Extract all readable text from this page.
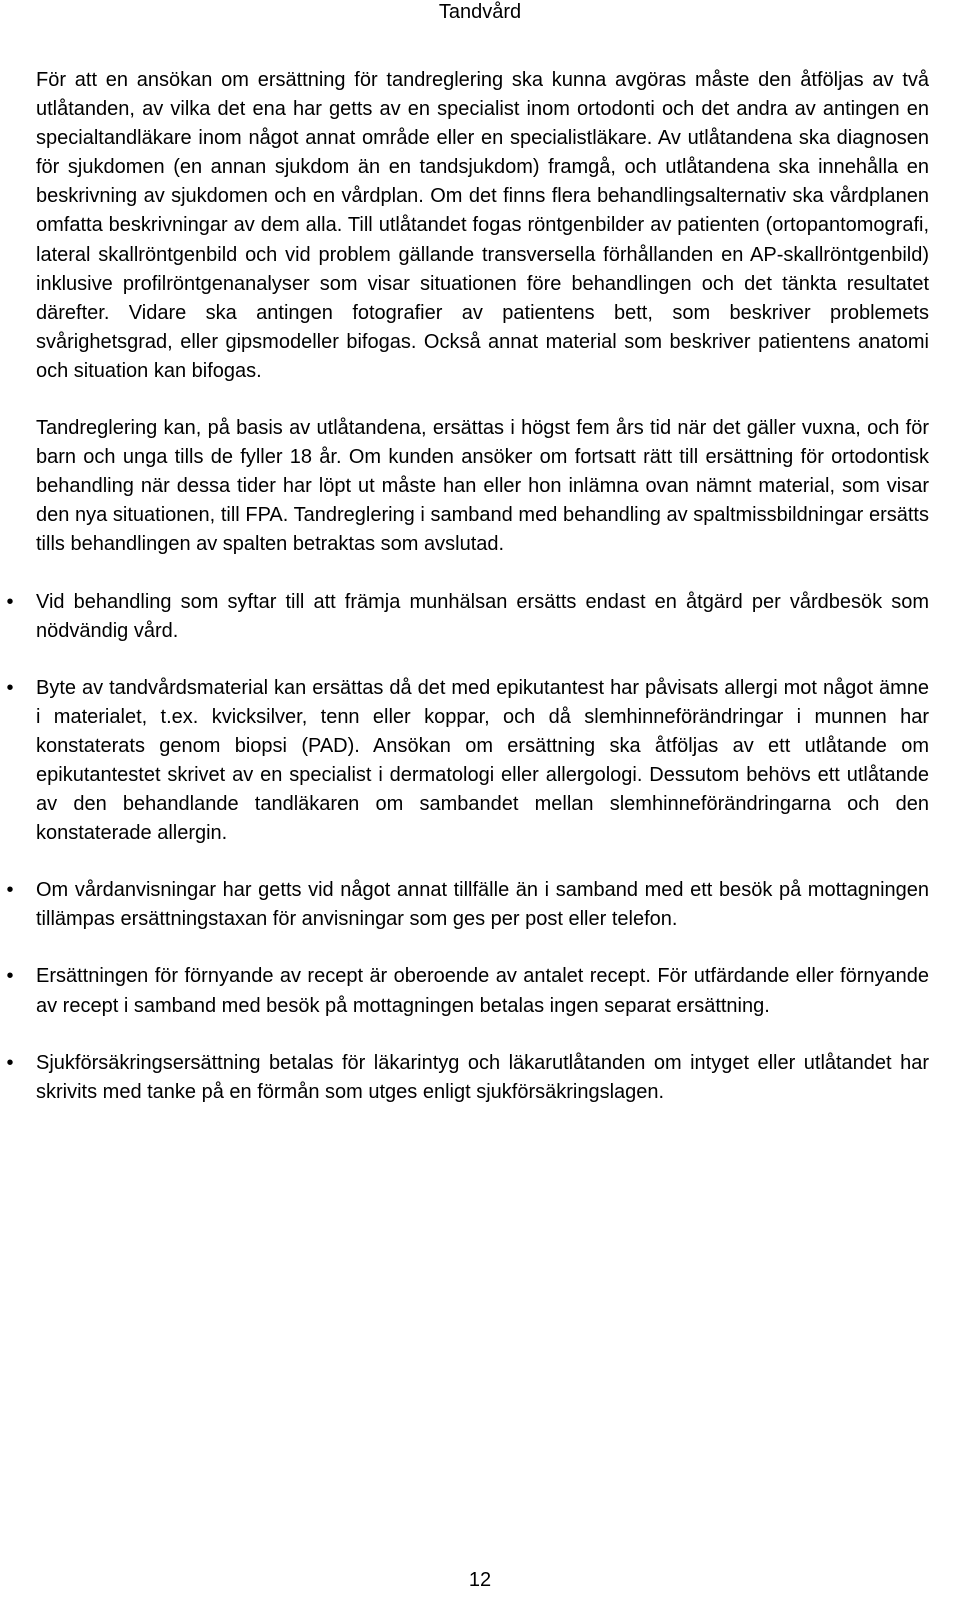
Tandvård

För att en ansökan om ersättning för tandreglering ska kunna avgöras måste den åtföljas av två utlåtanden, av vilka det ena har getts av en specialist inom ortodonti och det andra av antingen en specialtandläkare inom något annat område eller en specialistläkare. Av utlåtandena ska diagnosen för sjukdomen (en annan sjukdom än en tandsjukdom) framgå, och utlåtandena ska innehålla en beskrivning av sjukdomen och en vårdplan. Om det finns flera behandlingsalternativ ska vårdplanen omfatta beskrivningar av dem alla. Till utlåtandet fogas röntgenbilder av patienten (ortopantomografi, lateral skallröntgenbild och vid problem gällande transversella förhållanden en AP-skallröntgenbild) inklusive profilröntgenanalyser som visar situationen före behandlingen och det tänkta resultatet därefter. Vidare ska antingen fotografier av patientens bett, som beskriver problemets svårighetsgrad, eller gipsmodeller bifogas. Också annat material som beskriver patientens anatomi och situation kan bifogas.

Tandreglering kan, på basis av utlåtandena, ersättas i högst fem års tid när det gäller vuxna, och för barn och unga tills de fyller 18 år. Om kunden ansöker om fortsatt rätt till ersättning för ortodontisk behandling när dessa tider har löpt ut måste han eller hon inlämna ovan nämnt material, som visar den nya situationen, till FPA. Tandreglering i samband med behandling av spaltmissbildningar ersätts tills behandlingen av spalten betraktas som avslutad.

• Vid behandling som syftar till att främja munhälsan ersätts endast en åtgärd per vårdbesök som nödvändig vård.
• Byte av tandvårdsmaterial kan ersättas då det med epikutantest har påvisats allergi mot något ämne i materialet, t.ex. kvicksilver, tenn eller koppar, och då slemhinneförändringar i munnen har konstaterats genom biopsi (PAD). Ansökan om ersättning ska åtföljas av ett utlåtande om epikutantestet skrivet av en specialist i dermatologi eller allergologi. Dessutom behövs ett utlåtande av den behandlande tandläkaren om sambandet mellan slemhinneförändringarna och den konstaterade allergin.
• Om vårdanvisningar har getts vid något annat tillfälle än i samband med ett besök på mottagningen tillämpas ersättningstaxan för anvisningar som ges per post eller telefon.
• Ersättningen för förnyande av recept är oberoende av antalet recept. För utfärdande eller förnyande av recept i samband med besök på mottagningen betalas ingen separat ersättning.
• Sjukförsäkringsersättning betalas för läkarintyg och läkarutlåtanden om intyget eller utlåtandet har skrivits med tanke på en förmån som utges enligt sjukförsäkringslagen.
12
